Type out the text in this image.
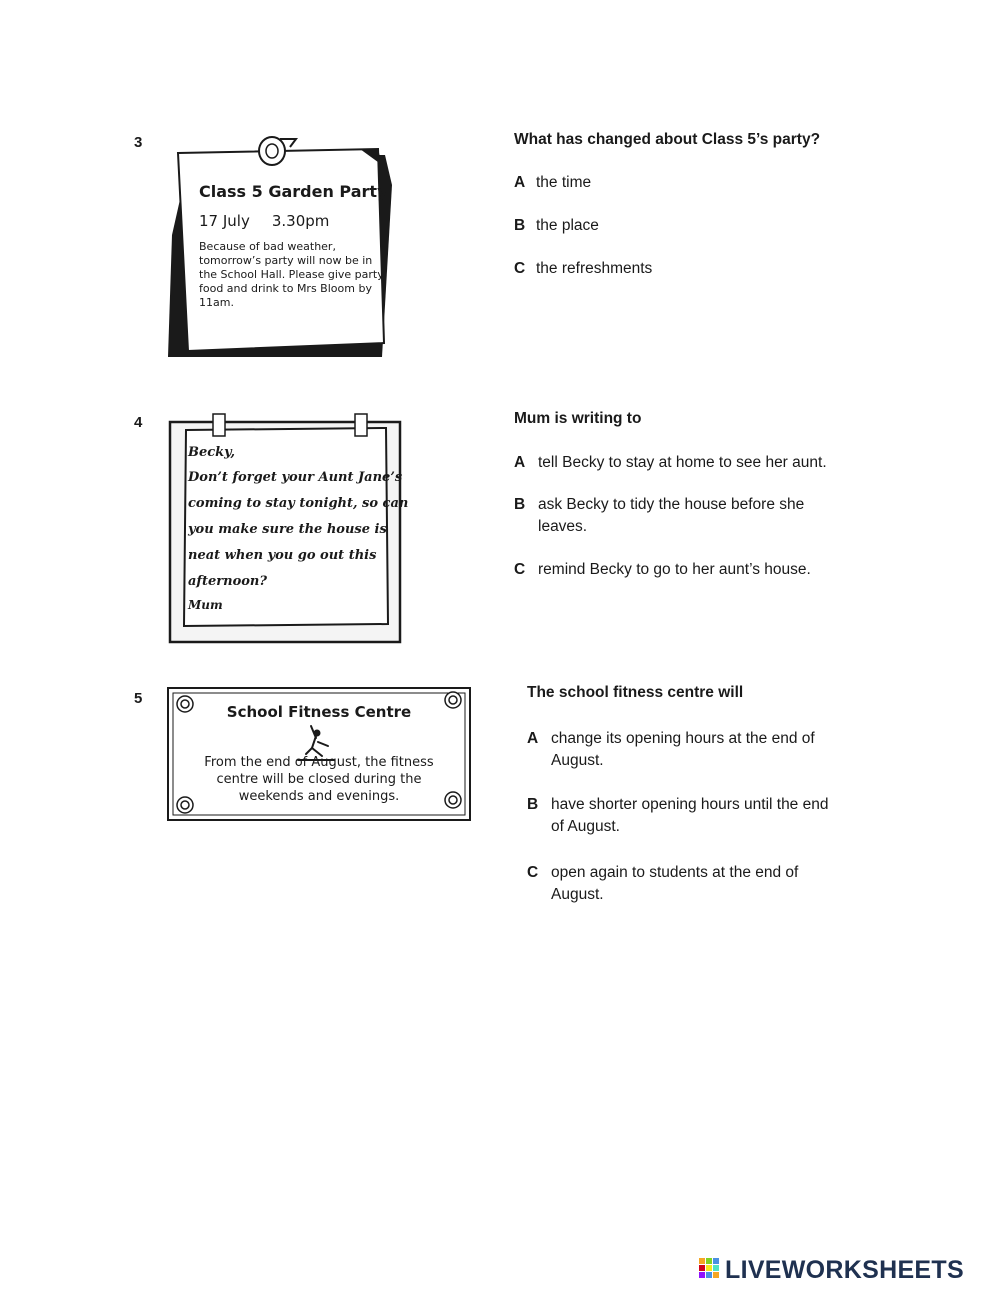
3
Class 5 Garden Party
17 July 3.30pm
Because of bad weather, tomorrow’s party will now be in the School Hall. Please give party food and drink to Mrs Bloom by 11am.
What has changed about Class 5’s party?
A the time
B the place
C the refreshments
4
Becky,
Don’t forget your Aunt Jane’s
coming to stay tonight, so can
you make sure the house is
neat when you go out this
afternoon?
Mum
Mum is writing to
A tell Becky to stay at home to see her aunt.
B ask Becky to tidy the house before she
leaves.
C remind Becky to go to her aunt’s house.
5
School Fitness Centre
From the end of August, the fitness centre will be closed during the weekends and evenings.
The school fitness centre will
A change its opening hours at the end of
August.
B have shorter opening hours until the end
of August.
C open again to students at the end of
August.
LIVEWORKSHEETS
